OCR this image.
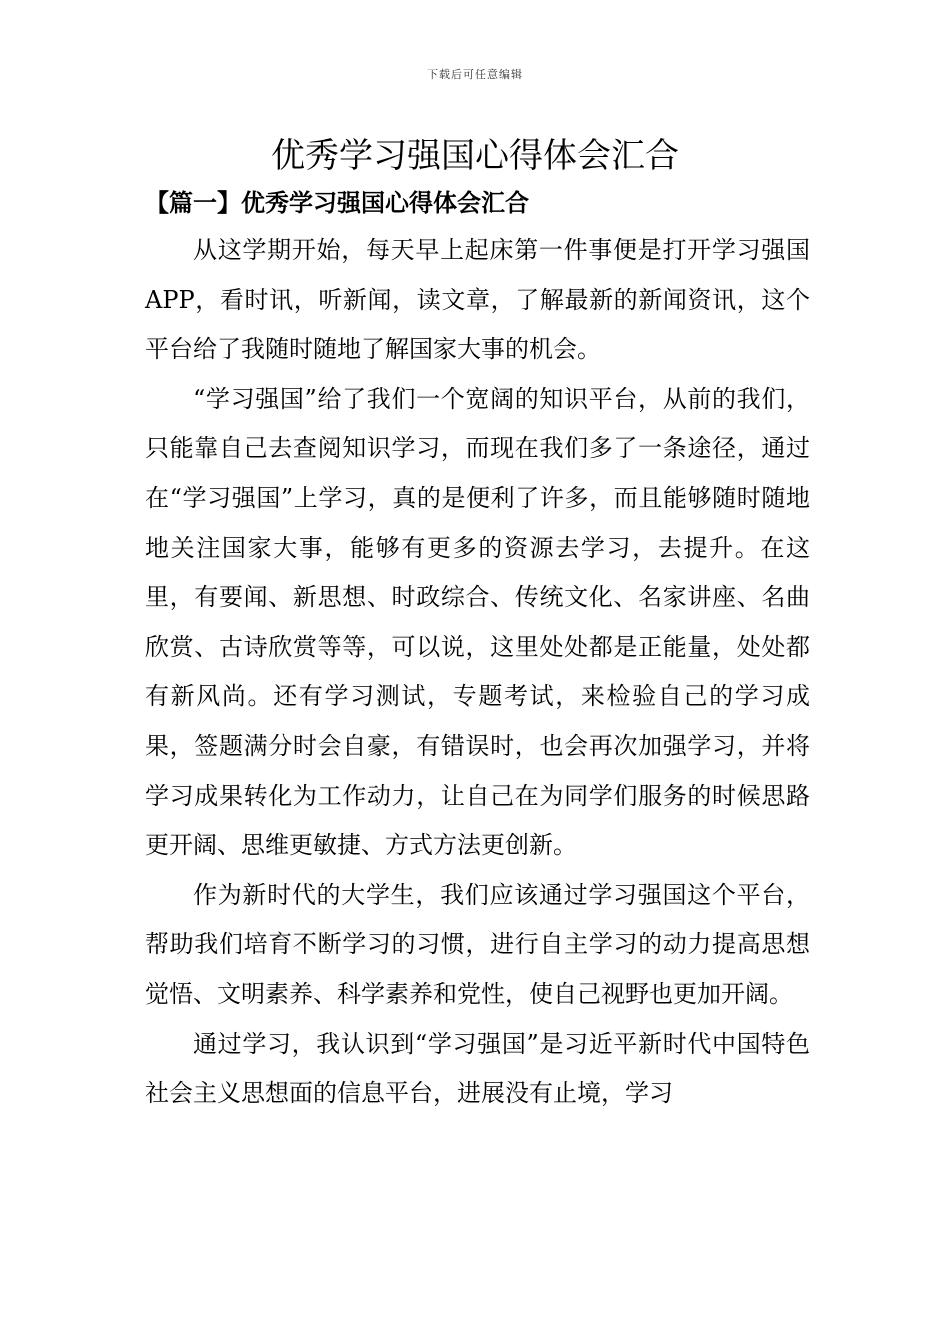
下载后可任意编辑
优秀学习强国心得体会汇合
【篇一】优秀学习强国心得体会汇合

从这学期开始，每天早上起床第一件事便是打开学习强国APP，看时讯，听新闻，读文章，了解最新的新闻资讯，这个平台给了我随时随地了解国家大事的机会。

“学习强国”给了我们一个宽阔的知识平台，从前的我们，只能靠自己去查阅知识学习，而现在我们多了一条途径，通过在“学习强国”上学习，真的是便利了许多，而且能够随时随地地关注国家大事，能够有更多的资源去学习，去提升。在这里，有要闻、新思想、时政综合、传统文化、名家讲座、名曲欣赏、古诗欣赏等等，可以说，这里处处都是正能量，处处都有新风尚。还有学习测试，专题考试，来检验自己的学习成果，签题满分时会自豪，有错误时，也会再次加强学习，并将学习成果转化为工作动力，让自己在为同学们服务的时候思路更开阔、思维更敏捷、方式方法更创新。

作为新时代的大学生，我们应该通过学习强国这个平台，帮助我们培育不断学习的习惯，进行自主学习的动力提高思想觉悟、文明素养、科学素养和党性，使自己视野也更加开阔。

通过学习，我认识到“学习强国”是习近平新时代中国特色社会主义思想面的信息平台，进展没有止境，学习
